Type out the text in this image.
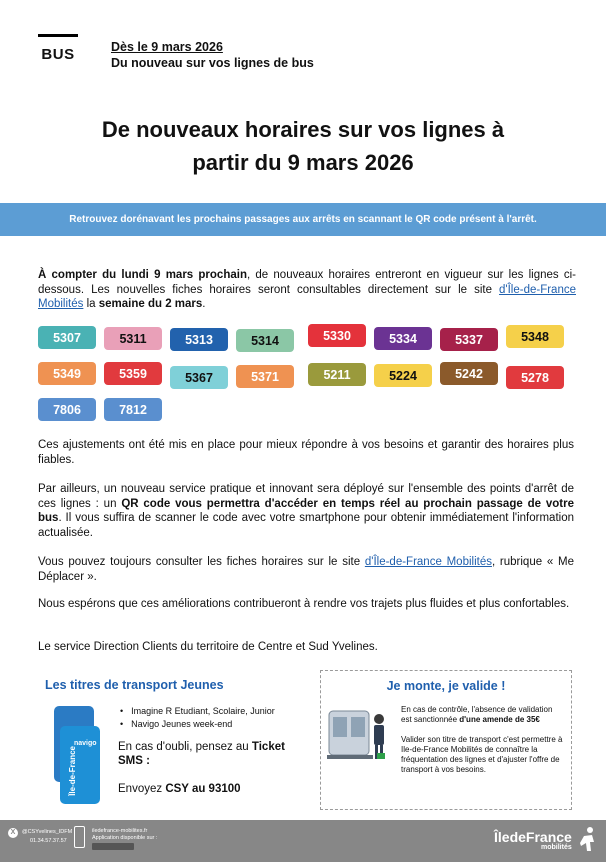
BUS	Dès le 9 mars 2026
Du nouveau sur vos lignes de bus
De nouveaux horaires sur vos lignes à
partir du 9 mars 2026
Retrouvez dorénavant les prochains passages aux arrêts en scannant le QR code présent à l'arrêt.
À compter du lundi 9 mars prochain, de nouveaux horaires entreront en vigueur sur les lignes ci-dessous. Les nouvelles fiches horaires seront consultables directement sur le site d'Île-de-France Mobilités la semaine du 2 mars.
5307	5311	5313	5314	5330	5334	5337	5348
5349	5359	5367	5371	5211	5224	5242	5278
7806	7812
Ces ajustements ont été mis en place pour mieux répondre à vos besoins et garantir des horaires plus fiables.
Par ailleurs, un nouveau service pratique et innovant sera déployé sur l'ensemble des points d'arrêt de ces lignes : un QR code vous permettra d'accéder en temps réel au prochain passage de votre bus. Il vous suffira de scanner le code avec votre smartphone pour obtenir immédiatement l'information actualisée.
Vous pouvez toujours consulter les fiches horaires sur le site d'Île-de-France Mobilités, rubrique « Me Déplacer ».
Nous espérons que ces améliorations contribueront à rendre vos trajets plus fluides et plus confortables.
Le service Direction Clients du territoire de Centre et Sud Yvelines.
Les titres de transport Jeunes
navigo
Île-de-France
• Imagine R Etudiant, Scolaire, Junior
• Navigo Jeunes week-end
En cas d'oubli, pensez au Ticket SMS :
Envoyez CSY au 93100
Je monte, je valide !
En cas de contrôle, l'absence de validation est sanctionnée d'une amende de 35€
Valider son titre de transport c'est permettre à Ile-de-France Mobilités de connaître la fréquentation des lignes et d'ajuster l'offre de transport à vos besoins.
X	@CSYvelines_IDFM
01.34.57.37.57
iledefrance-mobilites.fr
Application disponible sur :	ÎledeFrance
mobilités
